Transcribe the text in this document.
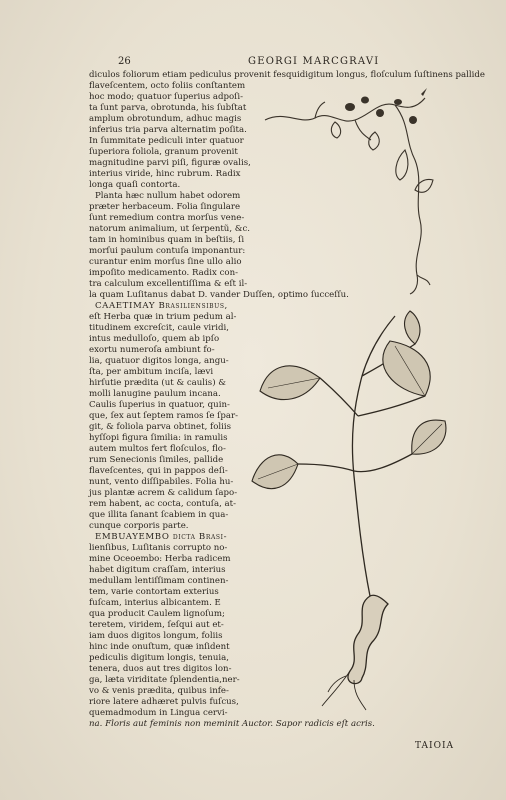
26	GEORGI MARCGRAVI
diculos foliorum etiam pediculus provenit fesquidigitum longus, floſculum ſuſtinens pallide
flaveſcentem, octo foliis conſtantem
hoc modo; quatuor ſuperius adpoſi-
ta ſunt parva, obrotunda, his ſubſtat
amplum obrotundum, adhuc magis
inferius tria parva alternatim poſita.
In ſummitate pediculi inter quatuor
ſuperiora foliola, granum provenit
magnitudine parvi piſi, figuræ ovalis,
interius viride, hinc rubrum. Radix
longa quaſi contorta.
Planta hæc nullum habet odorem
præter herbaceum. Folia ſingulare
ſunt remedium contra morſus vene-
natorum animalium, ut ſerpentũ, &c.
tam in hominibus quam in beſtiis, ſi
morſui paulum contuſa imponantur:
curantur enim morſus ſine ullo alio
impoſito medicamento. Radix con-
tra calculum excellentiſſima & eſt il-
la quam Luſitanus dabat D. vander Duſſen, optimo ſucceſſu.
CAAETIMAY Braſilienſibus,
eſt Herba quæ in trium pedum al-
titudinem excreſcit, caule viridi,
intus medulloſo, quem ab ipſo
exortu numeroſa ambiunt fo-
lia, quatuor digitos longa, angu-
ſta, per ambitum inciſa, lævi
hirſutie prædita (ut & caulis) &
molli lanugine paulum incana.
Caulis ſuperius in quatuor, quin-
que, ſex aut ſeptem ramos ſe ſpar-
git, & foliola parva obtinet, foliis
hyſſopi figura ſimilia: in ramulis
autem multos fert floſculos, flo-
rum Senecionis ſimiles, pallide
flaveſcentes, qui in pappos deſi-
nunt, vento diſſipabiles. Folia hu-
jus plantæ acrem & calidum ſapo-
rem habent, ac cocta, contuſa, at-
que illita ſanant ſcabiem in qua-
cunque corporis parte.
EMBUAYEMBO dicta Braſi-
lienſibus, Luſitanis corrupto no-
mine Oceoembo: Herba radicem
habet digitum craſſam, interius
medullam lentiſſimam continen-
tem, varie contortam exterius
fuſcam, interius albicantem. E
qua producit Caulem lignoſum;
teretem, viridem, ſeſqui aut et-
iam duos digitos longum, foliis
hinc inde onuſtum, quæ inſident
pediculis digitum longis, tenuia,
tenera, duos aut tres digitos lon-
ga, læta viriditate ſplendentia,ner-
vo & venis prædita, quibus infe-
riore latere adhæret pulvis fuſcus,
quemadmodum in Lingua cervi-
na. Floris aut feminis non meminit Auctor. Sapor radicis eſt acris.
TAIOIA
